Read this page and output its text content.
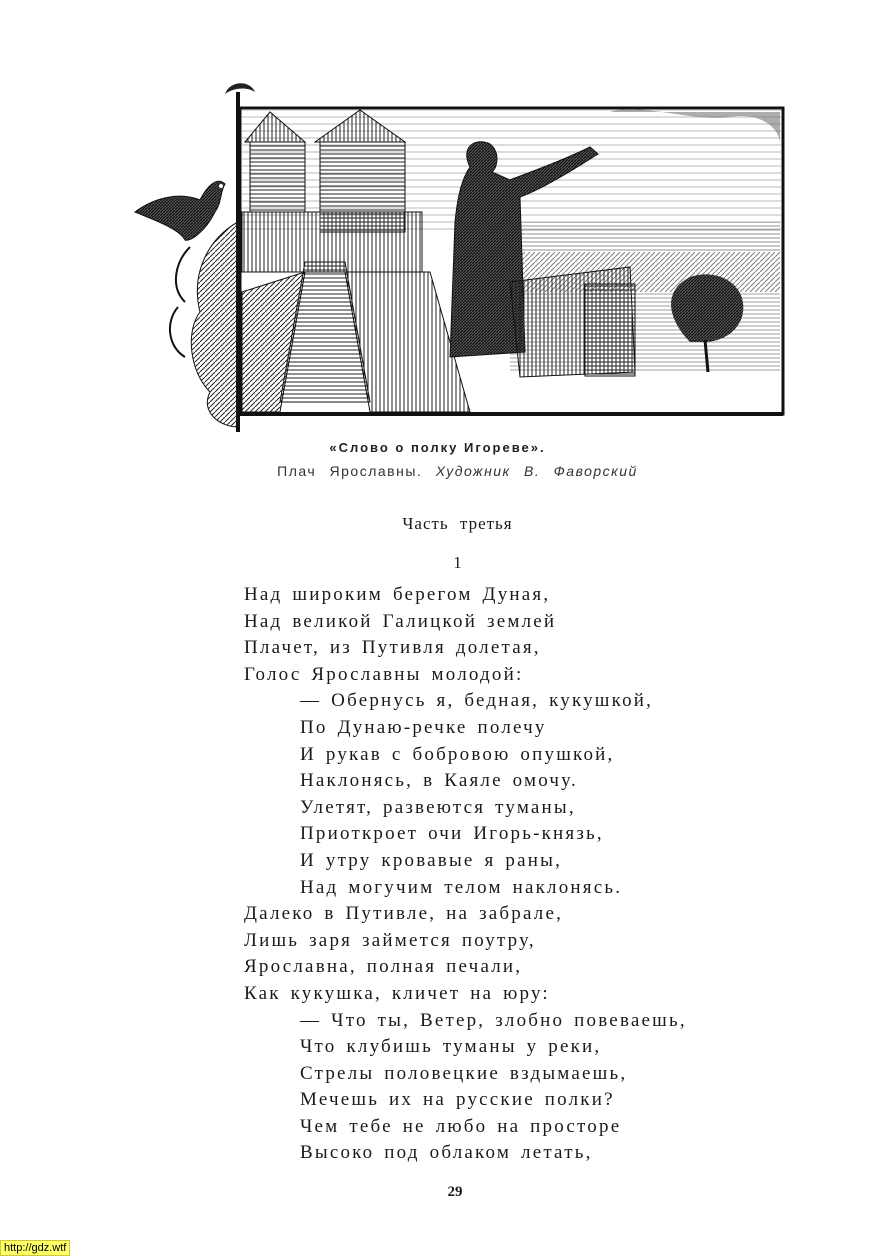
«Слово о полку Игореве».
Плач Ярославны. Художник В. Фаворский
Часть третья
1
Над широким берегом Дуная,
Над великой Галицкой землей
Плачет, из Путивля долетая,
Голос Ярославны молодой:
— Обернусь я, бедная, кукушкой,
По Дунаю-речке полечу
И рукав с бобровою опушкой,
Наклонясь, в Каяле омочу.
Улетят, развеются туманы,
Приоткроет очи Игорь-князь,
И утру кровавые я раны,
Над могучим телом наклонясь.
Далеко в Путивле, на забрале,
Лишь заря займется поутру,
Ярославна, полная печали,
Как кукушка, кличет на юру:
— Что ты, Ветер, злобно повеваешь,
Что клубишь туманы у реки,
Стрелы половецкие вздымаешь,
Мечешь их на русские полки?
Чем тебе не любо на просторе
Высоко под облаком летать,
29
http://gdz.wtf
